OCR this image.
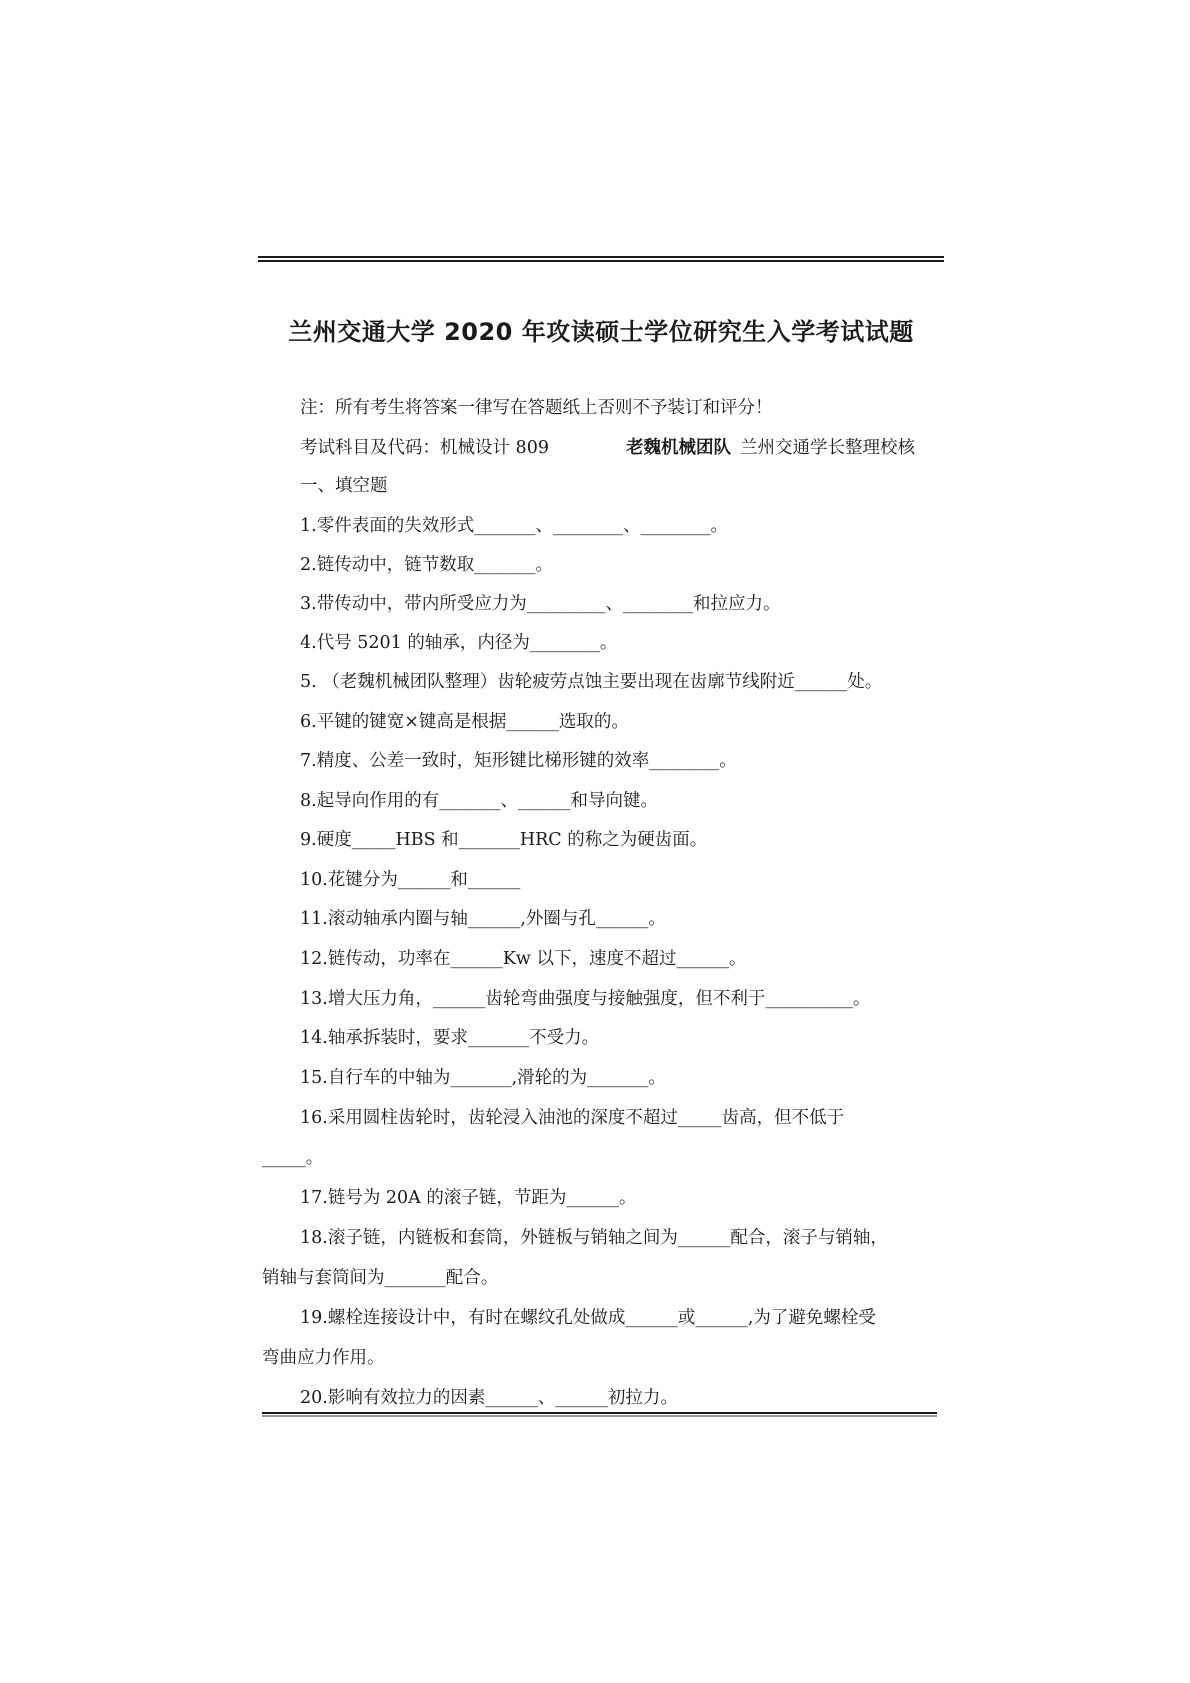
兰州交通大学 2020 年攻读硕士学位研究生入学考试试题
注：所有考生将答案一律写在答题纸上否则不予装订和评分！
考试科目及代码：机械设计 809	老魏机械团队 兰州交通学长整理校核
一、填空题
1.零件表面的失效形式_______、________、________。
2.链传动中，链节数取_______。
3.带传动中，带内所受应力为_________、________和拉应力。
4.代号 5201 的轴承，内径为________。
5. （老魏机械团队整理）齿轮疲劳点蚀主要出现在齿廓节线附近______处。
6.平键的键宽×键高是根据______选取的。
7.精度、公差一致时，矩形键比梯形键的效率________。
8.起导向作用的有_______、______和导向键。
9.硬度_____HBS 和_______HRC 的称之为硬齿面。
10.花键分为______和______
11.滚动轴承内圈与轴______,外圈与孔______。
12.链传动，功率在______Kw 以下，速度不超过______。
13.增大压力角，______齿轮弯曲强度与接触强度，但不利于__________。
14.轴承拆装时，要求_______不受力。
15.自行车的中轴为_______,滑轮的为_______。
16.采用圆柱齿轮时，齿轮浸入油池的深度不超过_____齿高，但不低于
_____。
17.链号为 20A 的滚子链，节距为______。
18.滚子链，内链板和套筒，外链板与销轴之间为______配合，滚子与销轴，
销轴与套筒间为_______配合。
19.螺栓连接设计中，有时在螺纹孔处做成______或______,为了避免螺栓受
弯曲应力作用。
20.影响有效拉力的因素______、______初拉力。
